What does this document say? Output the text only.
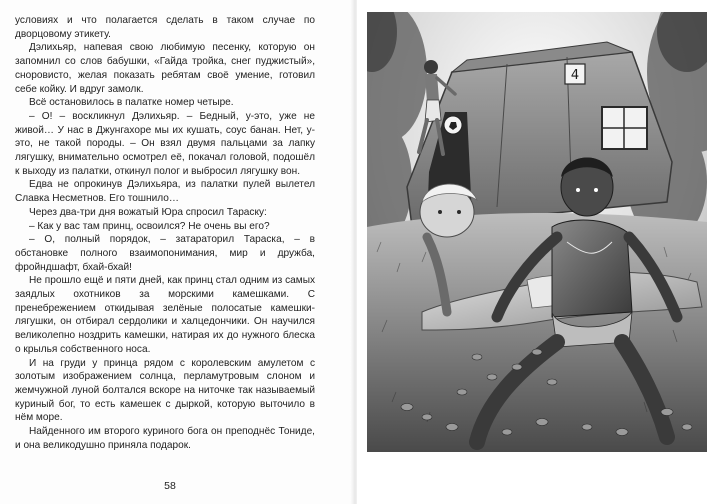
условиях и что полагается сделать в таком случае по дворцовому этикету.

Дэлихьяр, напевая свою любимую песенку, которую он запомнил со слов бабушки, «Гайда тройка, снег пуджистый», сноровисто, желая показать ребятам своё умение, готовил себе койку. И вдруг замолк.

Всё остановилось в палатке номер четыре.

– О! – воскликнул Дэлихьяр. – Бедный, у-это, уже не живой… У нас в Джунгахоре мы их кушать, соус банан. Нет, у-это, не такой породы. – Он взял двумя пальцами за лапку лягушку, внимательно осмотрел её, покачал головой, подошёл к выходу из палатки, откинул полог и выбросил лягушку вон.

Едва не опрокинув Дэлихьяра, из палатки пулей вылетел Славка Несметнов. Его тошнило…

Через два-три дня вожатый Юра спросил Тараску:

– Как у вас там принц, освоился? Не очень вы его?

– О, полный порядок, – затараторил Тараска, – в обстановке полного взаимопонимания, мир и дружба, фройндшафт, бхай-бхай!

Не прошло ещё и пяти дней, как принц стал одним из самых заядлых охотников за морскими камешками. С пренебрежением откидывая зелёные полосатые камешки-лягушки, он отбирал сердолики и халцедончики. Он научился великолепно ноздрить камешки, натирая их до нужного блеска о крылья собственного носа.

И на груди у принца рядом с королевским амулетом с золотым изображением солнца, перламутровым слоном и жемчужной луной болтался вскоре на ниточке так называемый куриный бог, то есть камешек с дыркой, которую выточило в нём море.

Найденного им второго куриного бога он преподнёс Тониде, и она великодушно приняла подарок.

58
4
